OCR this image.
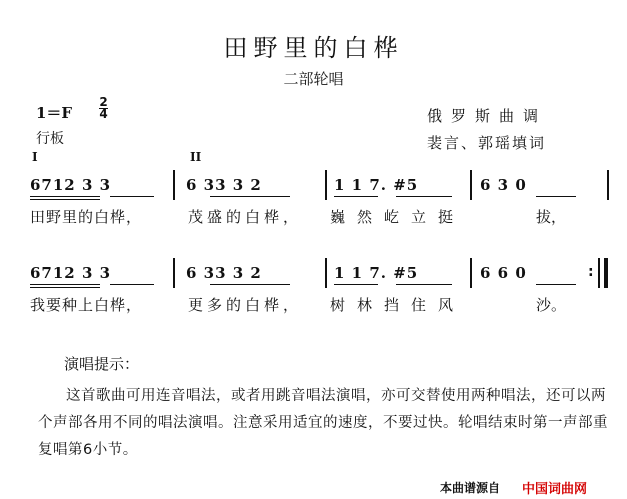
田野里的白桦
二部轮唱
1＝F
2
4
行板
俄罗斯曲调
裴言、郭瑶填词
I	II
6712 3 3	6 33 3 2	1 1 7. #5	6 3 0
田野里的白桦，	茂盛的白桦， 巍然屹立挺	拔，
6712 3 3	6 33 3 2	1 1 7. #5	6 6 0	:
我要种上白桦，	更多的白桦， 树林挡住风	沙。
演唱提示：
这首歌曲可用连音唱法，或者用跳音唱法演唱，亦可交替使用两种唱法，还可以两个声部各用不同的唱法演唱。注意采用适宜的速度，不要过快。轮唱结束时第一声部重复唱第6小节。
本曲谱源自 中国词曲网
